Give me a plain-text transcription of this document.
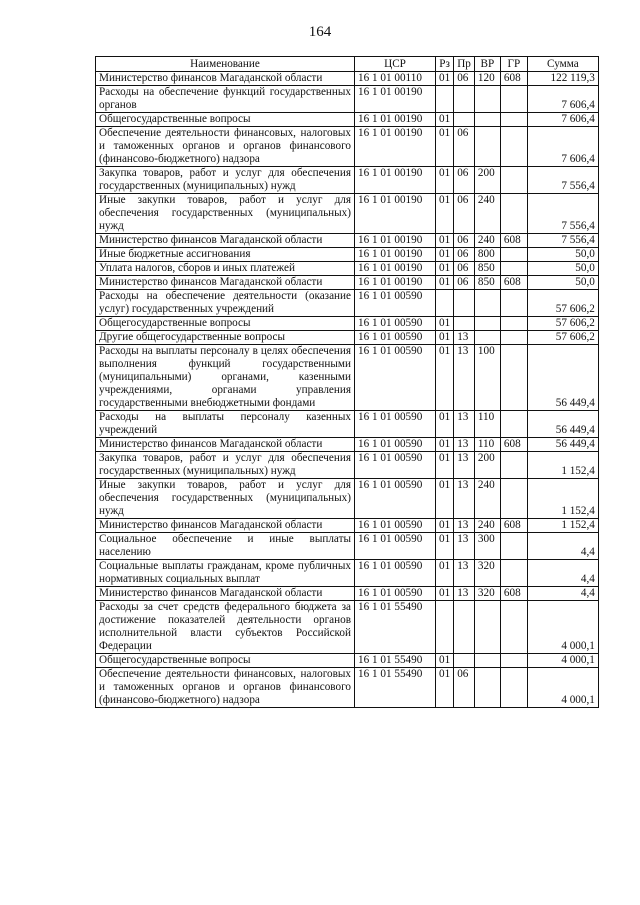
164
Наименование	ЦСР	Рз	Пр	ВР	ГР	Сумма
Министерство финансов Магаданской области	16 1 01 00110	01	06	120	608	122 119,3
Расходы на обеспечение функций государственных органов	16 1 01 00190					7 606,4
Общегосударственные вопросы	16 1 01 00190	01				7 606,4
Обеспечение деятельности финансовых, налоговых и таможенных органов и органов финансового (финансово-бюджетного) надзора	16 1 01 00190	01	06			7 606,4
Закупка товаров, работ и услуг для обеспечения государственных (муниципальных) нужд	16 1 01 00190	01	06	200		7 556,4
Иные закупки товаров, работ и услуг для обеспечения государственных (муниципальных) нужд	16 1 01 00190	01	06	240		7 556,4
Министерство финансов Магаданской области	16 1 01 00190	01	06	240	608	7 556,4
Иные бюджетные ассигнования	16 1 01 00190	01	06	800		50,0
Уплата налогов, сборов и иных платежей	16 1 01 00190	01	06	850		50,0
Министерство финансов Магаданской области	16 1 01 00190	01	06	850	608	50,0
Расходы на обеспечение деятельности (оказание услуг) государственных учреждений	16 1 01 00590					57 606,2
Общегосударственные вопросы	16 1 01 00590	01				57 606,2
Другие общегосударственные вопросы	16 1 01 00590	01	13			57 606,2
Расходы на выплаты персоналу в целях обеспечения выполнения функций государственными (муниципальными) органами, казенными учреждениями, органами управления государственными внебюджетными фондами	16 1 01 00590	01	13	100		56 449,4
Расходы на выплаты персоналу казенных учреждений	16 1 01 00590	01	13	110		56 449,4
Министерство финансов Магаданской области	16 1 01 00590	01	13	110	608	56 449,4
Закупка товаров, работ и услуг для обеспечения государственных (муниципальных) нужд	16 1 01 00590	01	13	200		1 152,4
Иные закупки товаров, работ и услуг для обеспечения государственных (муниципальных) нужд	16 1 01 00590	01	13	240		1 152,4
Министерство финансов Магаданской области	16 1 01 00590	01	13	240	608	1 152,4
Социальное обеспечение и иные выплаты населению	16 1 01 00590	01	13	300		4,4
Социальные выплаты гражданам, кроме публичных нормативных социальных выплат	16 1 01 00590	01	13	320		4,4
Министерство финансов Магаданской области	16 1 01 00590	01	13	320	608	4,4
Расходы за счет средств федерального бюджета за достижение показателей деятельности органов исполнительной власти субъектов Российской Федерации	16 1 01 55490					4 000,1
Общегосударственные вопросы	16 1 01 55490	01				4 000,1
Обеспечение деятельности финансовых, налоговых и таможенных органов и органов финансового (финансово-бюджетного) надзора	16 1 01 55490	01	06			4 000,1
